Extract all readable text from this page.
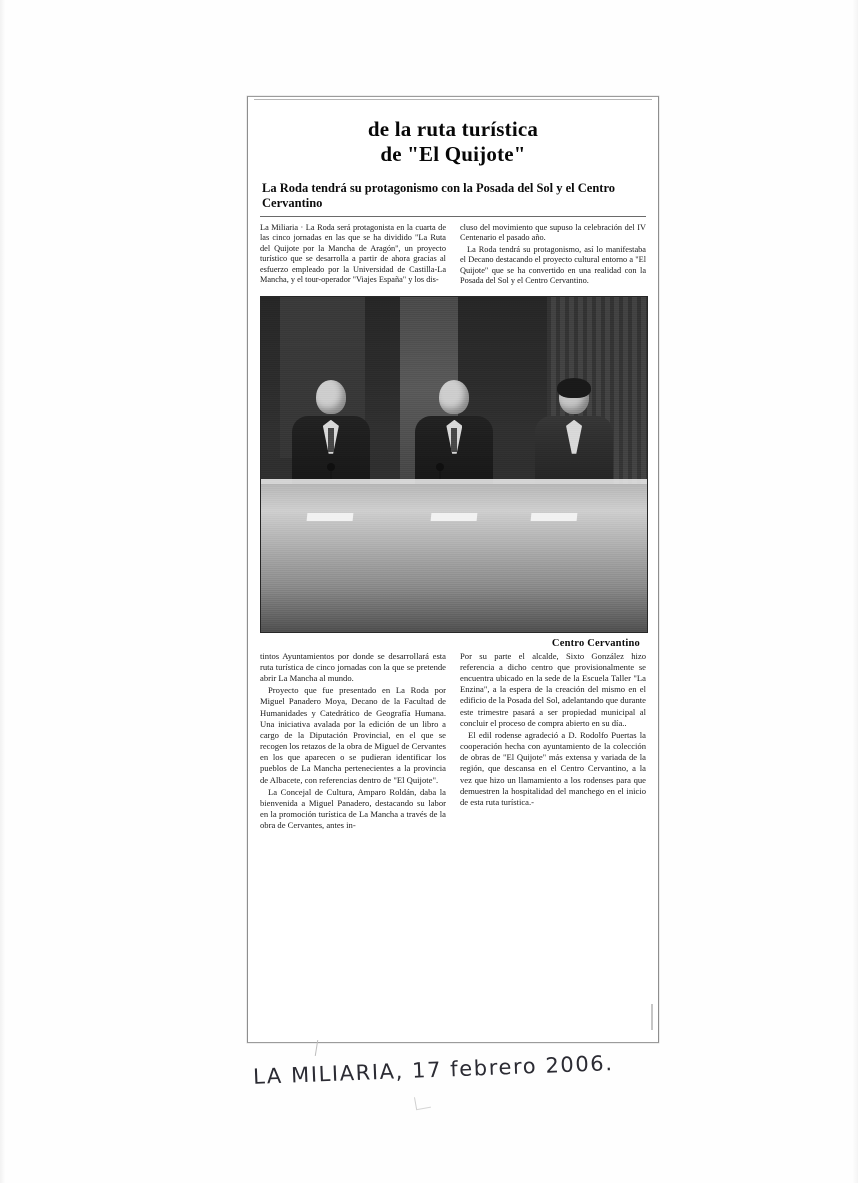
de la ruta turística
de "El Quijote"
La Roda tendrá su protagonismo con la Posada del Sol y el Centro Cervantino

La Miliaria · La Roda será protagonista en la cuarta de las cinco jornadas en las que se ha dividido "La Ruta del Quijote por la Mancha de Aragón", un proyecto turístico que se desarrolla a partir de ahora gracias al esfuerzo empleado por la Universidad de Castilla-La Mancha, y el tour-operador "Viajes España" y los dis-

cluso del movimiento que supuso la celebración del IV Centenario el pasado año.

La Roda tendrá su protagonismo, así lo manifestaba el Decano destacando el proyecto cultural entorno a "El Quijote" que se ha convertido en una realidad con la Posada del Sol y el Centro Cervantino.

Centro Cervantino

tintos Ayuntamientos por donde se desarrollará esta ruta turística de cinco jornadas con la que se pretende abrir La Mancha al mundo.

Proyecto que fue presentado en La Roda por Miguel Panadero Moya, Decano de la Facultad de Humanidades y Catedrático de Geografía Humana. Una iniciativa avalada por la edición de un libro a cargo de la Diputación Provincial, en el que se recogen los retazos de la obra de Miguel de Cervantes en los que aparecen o se pudieran identificar los pueblos de La Mancha pertenecientes a la provincia de Albacete, con referencias dentro de "El Quijote".

La Concejal de Cultura, Amparo Roldán, daba la bienvenida a Miguel Panadero, destacando su labor en la promoción turística de La Mancha a través de la obra de Cervantes, antes in-

Por su parte el alcalde, Sixto González hizo referencia a dicho centro que provisionalmente se encuentra ubicado en la sede de la Escuela Taller "La Enzina", a la espera de la creación del mismo en el edificio de la Posada del Sol, adelantando que durante este trimestre pasará a ser propiedad municipal al concluir el proceso de compra abierto en su día..

El edil rodense agradeció a D. Rodolfo Puertas la cooperación hecha con ayuntamiento de la colección de obras de "El Quijote" más extensa y variada de la región, que descansa en el Centro Cervantino, a la vez que hizo un llamamiento a los rodenses para que demuestren la hospitalidad del manchego en el inicio de esta ruta turística.-

LA MILIARIA, 17 febrero 2006.
